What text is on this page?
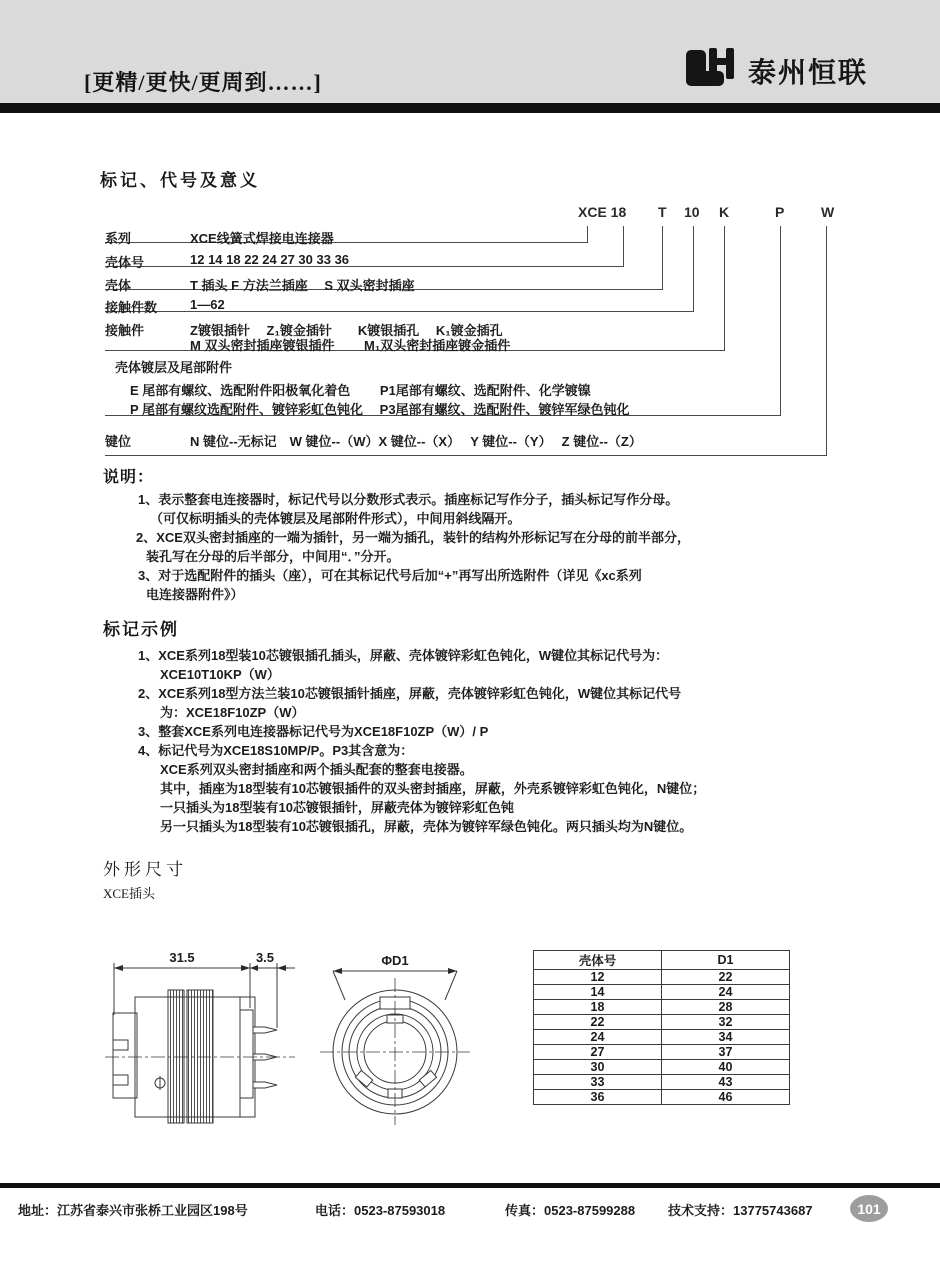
[更精/更快/更周到……]	泰州恒联
标记、代号及意义
XCE 18 T 10 K	P	W
系列	XCE线簧式焊接电连接器
壳体号	12 14 18 22 24 27 30 33 36
壳体	T 插头 F 方法兰插座　 S 双头密封插座
接触件数	1—62
接触件	Z镀银插针　 Z₁镀金插针　　K镀银插孔　 K₁镀金插孔
M 双头密封插座镀银插件　　 M₁双头密封插座镀金插件
壳体镀层及尾部附件
E 尾部有螺纹、选配附件阳极氧化着色　　 P1尾部有螺纹、选配附件、化学镀镍
P 尾部有螺纹选配附件、镀锌彩虹色钝化　 P3尾部有螺纹、选配附件、镀锌军绿色钝化
键位	N 键位--无标记　W 键位--（W）X 键位--（X）　 Y 键位--（Y）　 Z 键位--（Z）
说明：
1、表示整套电连接器时，标记代号以分数形式表示。插座标记写作分子，插头标记写作分母。
（可仅标明插头的壳体镀层及尾部附件形式），中间用斜线隔开。
2、XCE双头密封插座的一端为插针，另一端为插孔，装针的结构外形标记写在分母的前半部分，
装孔写在分母的后半部分，中间用“．”分开。
3、对于选配附件的插头（座），可在其标记代号后加“+”再写出所选附件（详见《xc系列
电连接器附件》）
标记示例
1、XCE系列18型装10芯镀银插孔插头，屏蔽、壳体镀锌彩虹色钝化，W键位其标记代号为：
XCE10T10KP（W）
2、XCE系列18型方法兰装10芯镀银插针插座，屏蔽，壳体镀锌彩虹色钝化，W键位其标记代号
为：XCE18F10ZP（W）
3、整套XCE系列电连接器标记代号为XCE18F10ZP（W）/ P
4、标记代号为XCE18S10MP/P。P3其含意为：
XCE系列双头密封插座和两个插头配套的整套电接器。
其中，插座为18型装有10芯镀银插件的双头密封插座，屏蔽，外壳系镀锌彩虹色钝化，N键位；
一只插头为18型装有10芯镀银插针，屏蔽壳体为镀锌彩虹色钝
另一只插头为18型装有10芯镀银插孔，屏蔽，壳体为镀锌军绿色钝化。两只插头均为N键位。
外形尺寸
XCE插头
31.5	3.5	ΦD1	壳体号	D1
12	22
14	24
18	28
22	32
24	34
27	37
30	40
33	43
36	46
地址：江苏省泰兴市张桥工业园区198号	电话：0523-87593018	传真：0523-87599288	技术支持：13775743687	101
